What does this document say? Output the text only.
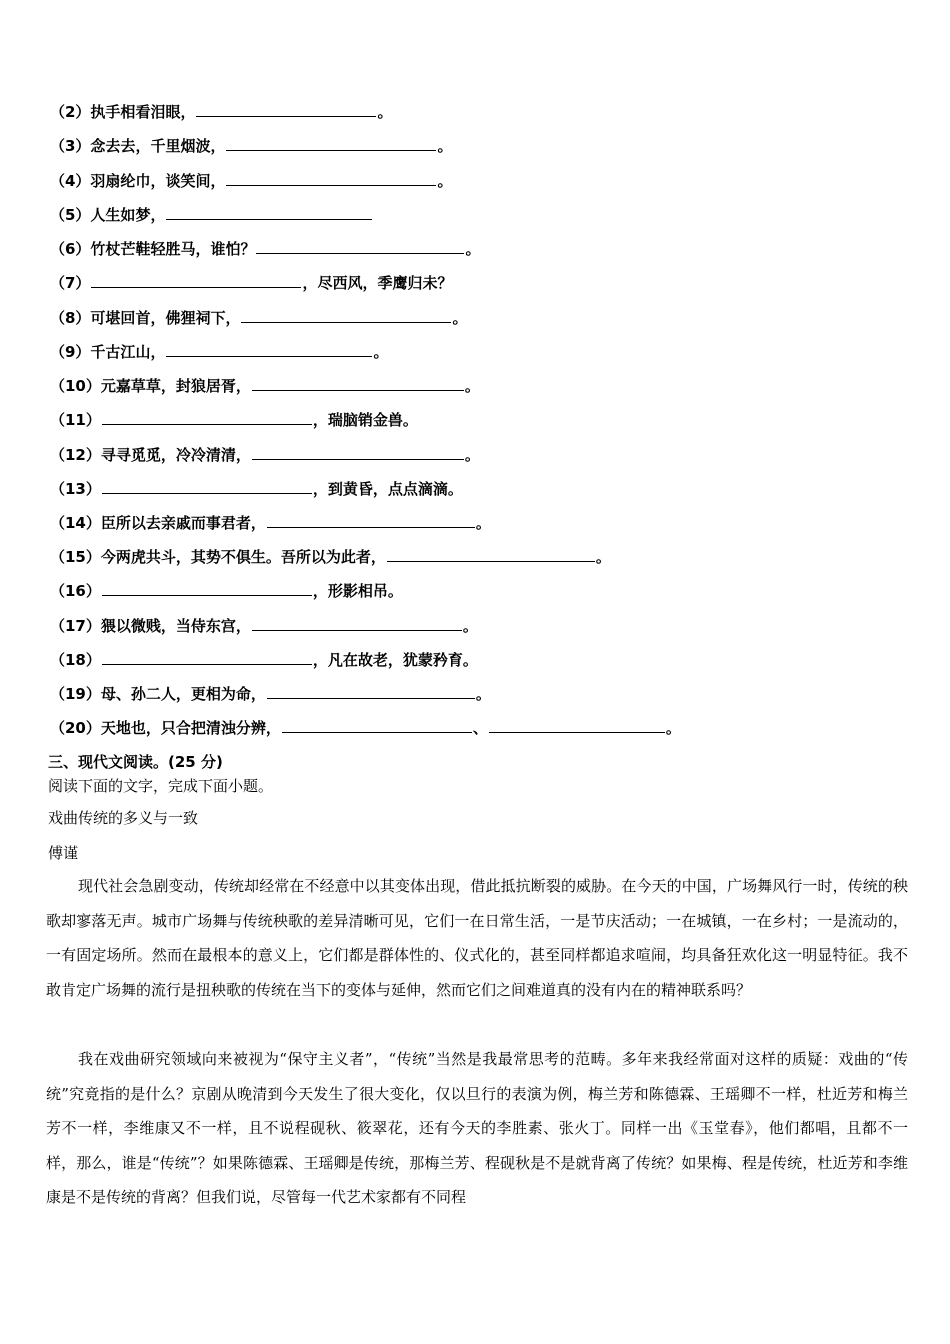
（2）执手相看泪眼，	。
（3）念去去，千里烟波，	。
（4）羽扇纶巾，谈笑间，	。
（5）人生如梦，
（6）竹杖芒鞋轻胜马，谁怕？	。
（7）	，尽西风，季鹰归未？
（8）可堪回首，佛狸祠下，	。
（9）千古江山，	。
（10）元嘉草草，封狼居胥，	。
（11）	，瑞脑销金兽。
（12）寻寻觅觅，冷冷清清，	。
（13）	，到黄昏，点点滴滴。
（14）臣所以去亲戚而事君者，	。
（15）今两虎共斗，其势不俱生。吾所以为此者，	。
（16）	，形影相吊。
（17）猥以微贱，当侍东宫，	。
（18）	，凡在故老，犹蒙矜育。
（19）母、孙二人，更相为命，	。
（20）天地也，只合把清浊分辨，	、	。
三、现代文阅读。(25 分)
阅读下面的文字，完成下面小题。
戏曲传统的多义与一致
傅谨

现代社会急剧变动，传统却经常在不经意中以其变体出现，借此抵抗断裂的威胁。在今天的中国，广场舞风行一时，传统的秧歌却寥落无声。城市广场舞与传统秧歌的差异清晰可见，它们一在日常生活，一是节庆活动；一在城镇，一在乡村；一是流动的，一有固定场所。然而在最根本的意义上，它们都是群体性的、仪式化的，甚至同样都追求喧闹，均具备狂欢化这一明显特征。我不敢肯定广场舞的流行是扭秧歌的传统在当下的变体与延伸，然而它们之间难道真的没有内在的精神联系吗？

我在戏曲研究领域向来被视为“保守主义者”，“传统”当然是我最常思考的范畴。多年来我经常面对这样的质疑：戏曲的“传统”究竟指的是什么？京剧从晚清到今天发生了很大变化，仅以旦行的表演为例，梅兰芳和陈德霖、王瑶卿不一样，杜近芳和梅兰芳不一样，李维康又不一样，且不说程砚秋、筱翠花，还有今天的李胜素、张火丁。同样一出《玉堂春》，他们都唱，且都不一样，那么，谁是“传统”？如果陈德霖、王瑶卿是传统，那梅兰芳、程砚秋是不是就背离了传统？如果梅、程是传统，杜近芳和李维康是不是传统的背离？但我们说，尽管每一代艺术家都有不同程
